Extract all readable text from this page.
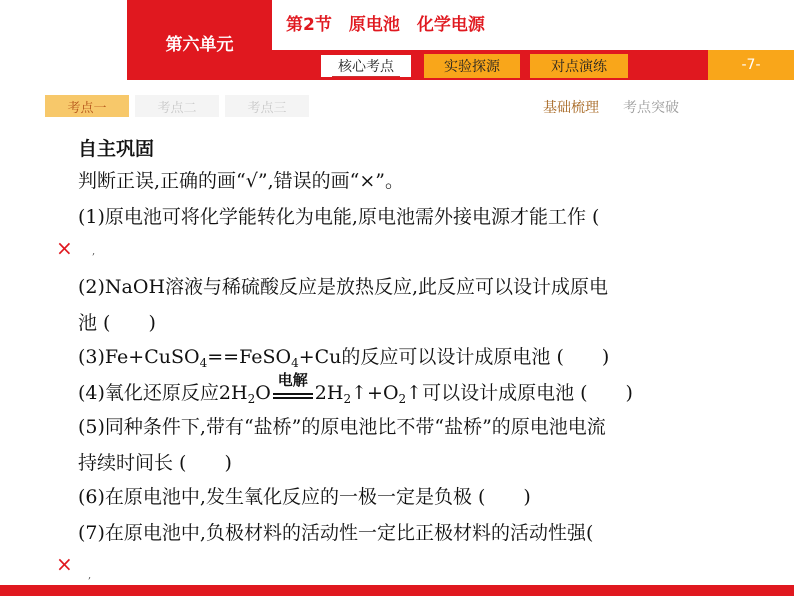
第六单元
第2节　原电池　化学电源
核心考点	实验探源	对点演练	-7-
考点一	考点二	考点三	基础梳理 考点突破
自主巩固
判断正误,正确的画“√”,错误的画“×”。
(1)原电池可将化学能转化为电能,原电池需外接电源才能工作 (
× ,
(2)NaOH溶液与稀硫酸反应是放热反应,此反应可以设计成原电
池 (　　)
(3)Fe+CuSO$_4$==FeSO$_4$+Cu的反应可以设计成原电池 (　　)
(4)氧化还原反应$2H_2O$
电解
$2H_2↑+O_2↑$可以设计成原电池 (　　)
(5)同种条件下,带有“盐桥”的原电池比不带“盐桥”的原电池电流
持续时间长 (　　)
(6)在原电池中,发生氧化反应的一极一定是负极 (　　)
(7)在原电池中,负极材料的活动性一定比正极材料的活动性强(
× ,
